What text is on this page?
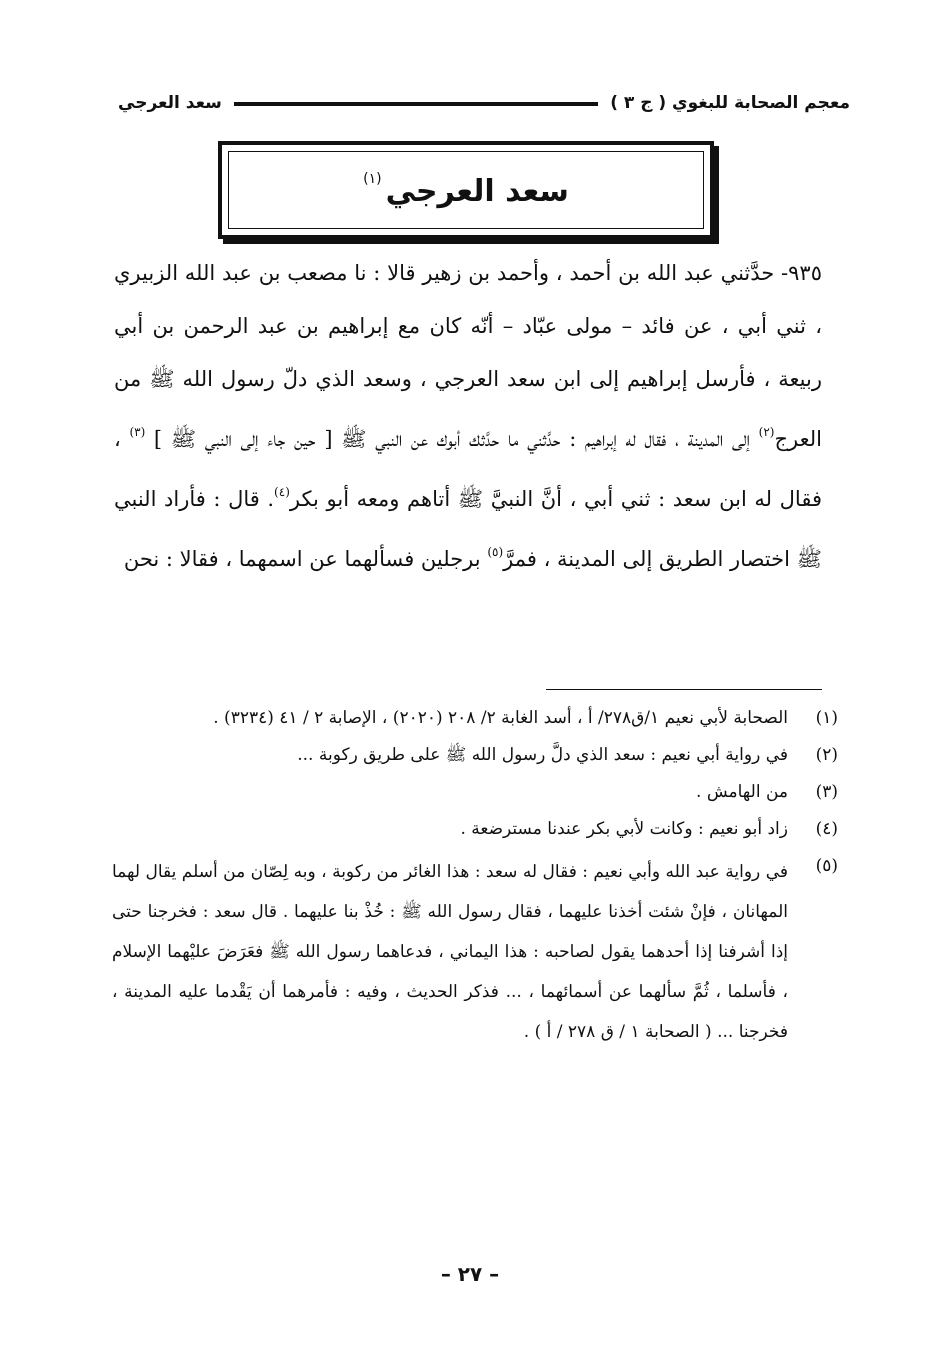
معجم الصحابة للبغوي ( ج ٣ )
سعد العرجي
سعد العرجي$^{(١)}$
٩٣٥- حدَّثني عبد الله بن أحمد ، وأحمد بن زهير قالا : نا مصعب بن عبد الله الزبيري ، ثني أبي ، عن فائد – مولى عبّاد – أنّه كان مع إبراهيم بن عبد الرحمن بن أبي ربيعة ، فأرسل إبراهيم إلى ابن سعد العرجي ، وسعد الذي دلّ رسول الله ﷺ من العرج$^{(٢)}$ إلى المدينة ، فقال له إبراهيم : حدَّثني ما حدَّثك أبوك عن النبي ﷺ [ حين جاء إلى النبي ﷺ ] $^{(٣)}$ ، فقال له ابن سعد : ثني أبي ، أنَّ النبيَّ ﷺ أتاهم ومعه أبو بكر$^{(٤)}$. قال : فأراد النبي ﷺ اختصار الطريق إلى المدينة ، فمرَّ$^{(٥)}$ برجلين فسألهما عن اسمهما ، فقالا : نحن
(١)
الصحابة لأبي نعيم ١/ق٢٧٨/ أ ، أسد الغابة ٢/ ٢٠٨ (٢٠٢٠) ، الإصابة ٢ / ٤١ (٣٢٣٤) .
(٢)
في رواية أبي نعيم : سعد الذي دلَّ رسول الله ﷺ على طريق ركوبة ...
(٣)
من الهامش .
(٤)
زاد أبو نعيم : وكانت لأبي بكر عندنا مسترضعة .
(٥)
في رواية عبد الله وأبي نعيم : فقال له سعد : هذا الغائر من ركوبة ، وبه لِصّان من أسلم يقال لهما المهانان ، فإنْ شئت أخذنا عليهما ، فقال رسول الله ﷺ : خُذْ بنا عليهما . قال سعد : فخرجنا حتى إذا أشرفنا إذا أحدهما يقول لصاحبه : هذا اليماني ، فدعاهما رسول الله ﷺ فعَرَضَ عليْهما الإسلام ، فأسلما ، ثُمَّ سألهما عن أسمائهما ، ... فذكر الحديث ، وفيه : فأمرهما أن يَقْدما عليه المدينة ، فخرجنا ... ( الصحابة ١ / ق ٢٧٨ / أ ) .
– ٢٧ –
